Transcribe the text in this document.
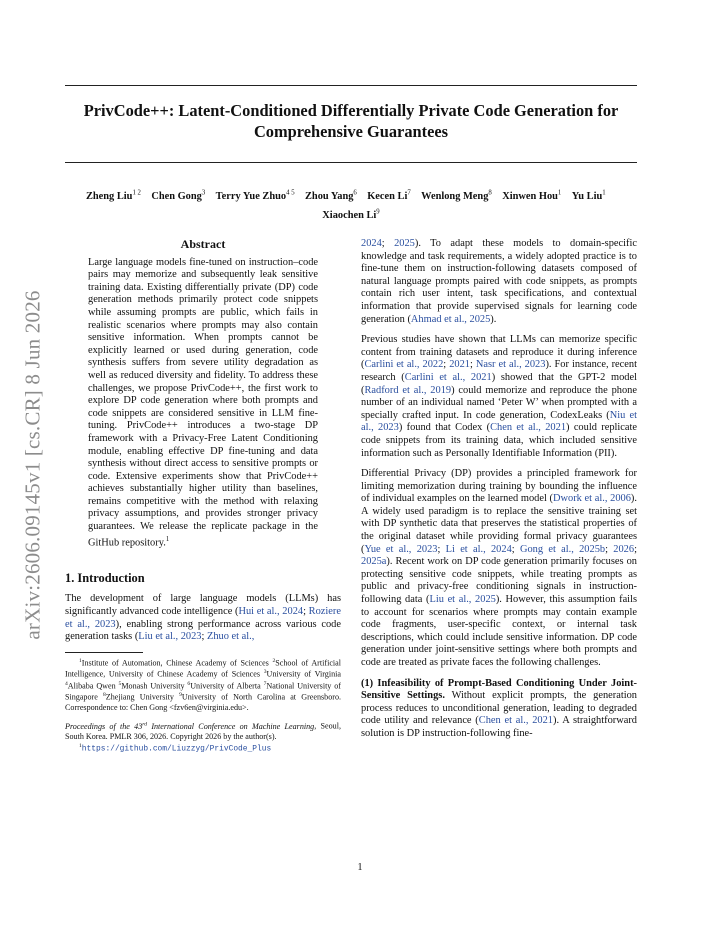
arXiv:2606.09145v1 [cs.CR] 8 Jun 2026
PrivCode++: Latent-Conditioned Differentially Private Code Generation for Comprehensive Guarantees
Zheng Liu$^{1 2}$  Chen Gong$^3$  Terry Yue Zhuo$^{4 5}$  Zhou Yang$^6$  Kecen Li$^7$  Wenlong Meng$^8$  Xinwen Hou$^1$  Yu Liu$^1$ Xiaochen Li$^9$
Abstract

Large language models fine-tuned on instruction–code pairs may memorize and subsequently leak sensitive training data. Existing differentially private (DP) code generation methods primarily protect code snippets while assuming prompts are public, which fails in realistic scenarios where prompts may also contain sensitive information. When prompts cannot be explicitly learned or used during generation, code synthesis suffers from severe utility degradation as well as reduced diversity and fidelity. To address these challenges, we propose PrivCode++, the first work to explore DP code generation where both prompts and code snippets are considered sensitive in LLM fine-tuning. PrivCode++ introduces a two-stage DP framework with a Privacy-Free Latent Conditioning module, enabling effective DP fine-tuning and data synthesis without direct access to sensitive prompts or code. Extensive experiments show that PrivCode++ achieves substantially higher utility than baselines, remains competitive with the method with relaxing privacy assumptions, and provides stronger privacy guarantees. We release the replicate package in the GitHub repository.$^1$

1. Introduction

The development of large language models (LLMs) has significantly advanced code intelligence (Hui et al., 2024; Roziere et al., 2023), enabling strong performance across various code generation tasks (Liu et al., 2023; Zhuo et al.,

$^1$Institute of Automation, Chinese Academy of Sciences $^2$School of Artificial Intelligence, University of Chinese Academy of Sciences $^3$University of Virginia $^4$Alibaba Qwen $^5$Monash University $^6$University of Alberta $^7$National University of Singapore $^8$Zhejiang University $^9$University of North Carolina at Greensboro. Correspondence to: Chen Gong <fzv6en@virginia.edu>.
Proceedings of the 43rd International Conference on Machine Learning, Seoul, South Korea. PMLR 306, 2026. Copyright 2026 by the author(s).
$^1$https://github.com/Liuzzyg/PrivCode_Plus

2024; 2025). To adapt these models to domain-specific knowledge and task requirements, a widely adopted practice is to fine-tune them on instruction-following datasets composed of natural language prompts paired with code snippets, as prompts contain rich user intent, task specifications, and contextual information that provide supervised signals for learning code generation (Ahmad et al., 2025).

Previous studies have shown that LLMs can memorize specific content from training datasets and reproduce it during inference (Carlini et al., 2022; 2021; Nasr et al., 2023). For instance, recent research (Carlini et al., 2021) showed that the GPT-2 model (Radford et al., 2019) could memorize and reproduce the phone number of an individual named ‘Peter W’ when prompted with a specially crafted input. In code generation, CodexLeaks (Niu et al., 2023) found that Codex (Chen et al., 2021) could replicate code snippets from its training data, which included sensitive information such as Personally Identifiable Information (PII).

Differential Privacy (DP) provides a principled framework for limiting memorization during training by bounding the influence of individual examples on the learned model (Dwork et al., 2006). A widely used paradigm is to replace the sensitive training set with DP synthetic data that preserves the statistical properties of the original dataset while providing formal privacy guarantees (Yue et al., 2023; Li et al., 2024; Gong et al., 2025b; 2026; 2025a). Recent work on DP code generation primarily focuses on protecting sensitive code snippets, while treating prompts as public and privacy-free conditioning signals in instruction-following data (Liu et al., 2025). However, this assumption fails to account for scenarios where prompts may contain example code fragments, user-specific context, or internal task descriptions, which could include sensitive information. DP code generation under joint-sensitive settings where both prompts and code are treated as private faces the following challenges.

(1) Infeasibility of Prompt-Based Conditioning Under Joint-Sensitive Settings. Without explicit prompts, the generation process reduces to unconditional generation, leading to degraded code utility and relevance (Chen et al., 2021). A straightforward solution is DP instruction-following fine-

1
